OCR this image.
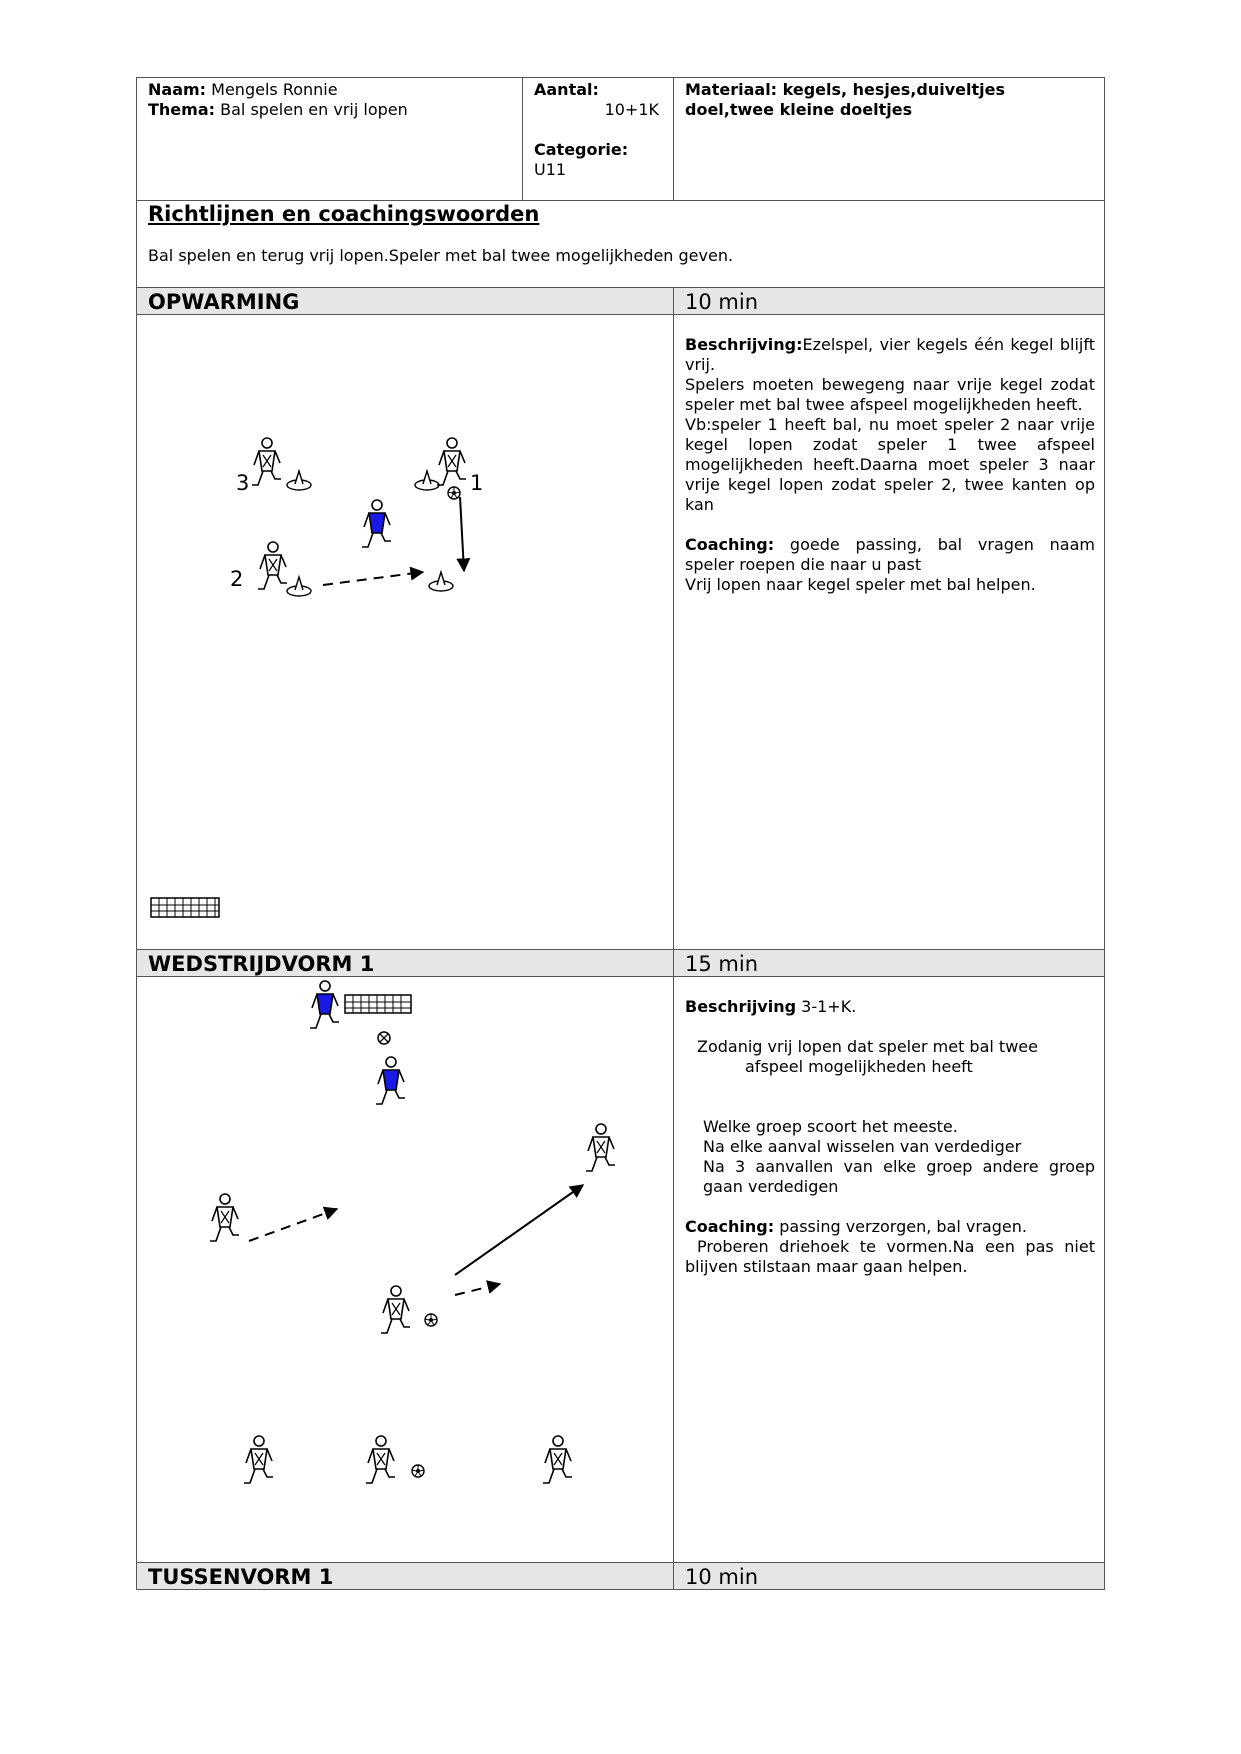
Naam: Mengels Ronnie
Thema: Bal spelen en vrij lopen
Aantal:
10+1K
Categorie:
U11
Materiaal: kegels, hesjes,duiveltjes
doel,twee kleine doeltjes
Richtlijnen en coachingswoorden
Bal spelen en terug vrij lopen.Speler met bal twee mogelijkheden geven.
OPWARMING	10 min
3	1
2
Beschrijving:Ezelspel, vier kegels één kegel blijft vrij.
Spelers moeten bewegeng naar vrije kegel zodat speler met bal twee afspeel mogelijkheden heeft.
Vb:speler 1 heeft bal, nu moet speler 2 naar vrije kegel lopen zodat speler 1 twee afspeel mogelijkheden heeft.Daarna moet speler 3 naar vrije kegel lopen zodat speler 2, twee kanten op kan
Coaching: goede passing, bal vragen naam speler roepen die naar u past
Vrij lopen naar kegel speler met bal helpen.
WEDSTRIJDVORM 1	15 min
Beschrijving 3-1+K.
Zodanig vrij lopen dat speler met bal twee
afspeel mogelijkheden heeft
Welke groep scoort het meeste.
Na elke aanval wisselen van verdediger
Na 3 aanvallen van elke groep andere groep gaan verdedigen
Coaching: passing verzorgen, bal vragen.
Proberen driehoek te vormen.Na een pas niet blijven stilstaan maar gaan helpen.
TUSSENVORM 1	10 min
